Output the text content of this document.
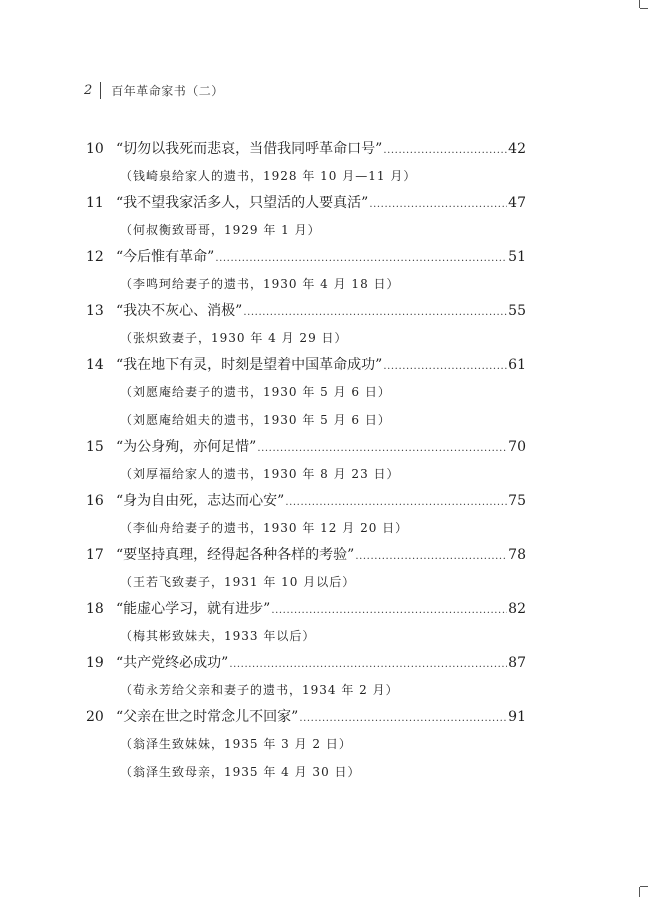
2 百年革命家书（二）
10 “切勿以我死而悲哀，当借我同呼革命口号” .....	42
（钱崎泉给家人的遗书，1928 年 10 月—11 月）
11 “我不望我家活多人，只望活的人要真活” .....	47
（何叔衡致哥哥，1929 年 1 月）
12 “今后惟有革命” .....	51
（李鸣珂给妻子的遗书，1930 年 4 月 18 日）
13 “我决不灰心、消极” .....	55
（张炽致妻子，1930 年 4 月 29 日）
14 “我在地下有灵，时刻是望着中国革命成功” .....	61
（刘愿庵给妻子的遗书，1930 年 5 月 6 日）
（刘愿庵给姐夫的遗书，1930 年 5 月 6 日）
15 “为公身殉，亦何足惜” .....	70
（刘厚福给家人的遗书，1930 年 8 月 23 日）
16 “身为自由死，志达而心安” .....	75
（李仙舟给妻子的遗书，1930 年 12 月 20 日）
17 “要坚持真理，经得起各种各样的考验” .....	78
（王若飞致妻子，1931 年 10 月以后）
18 “能虚心学习，就有进步” .....	82
（梅其彬致妹夫，1933 年以后）
19 “共产党终必成功” .....	87
（荀永芳给父亲和妻子的遗书，1934 年 2 月）
20 “父亲在世之时常念儿不回家” .....	91
（翁泽生致妹妹，1935 年 3 月 2 日）
（翁泽生致母亲，1935 年 4 月 30 日）
